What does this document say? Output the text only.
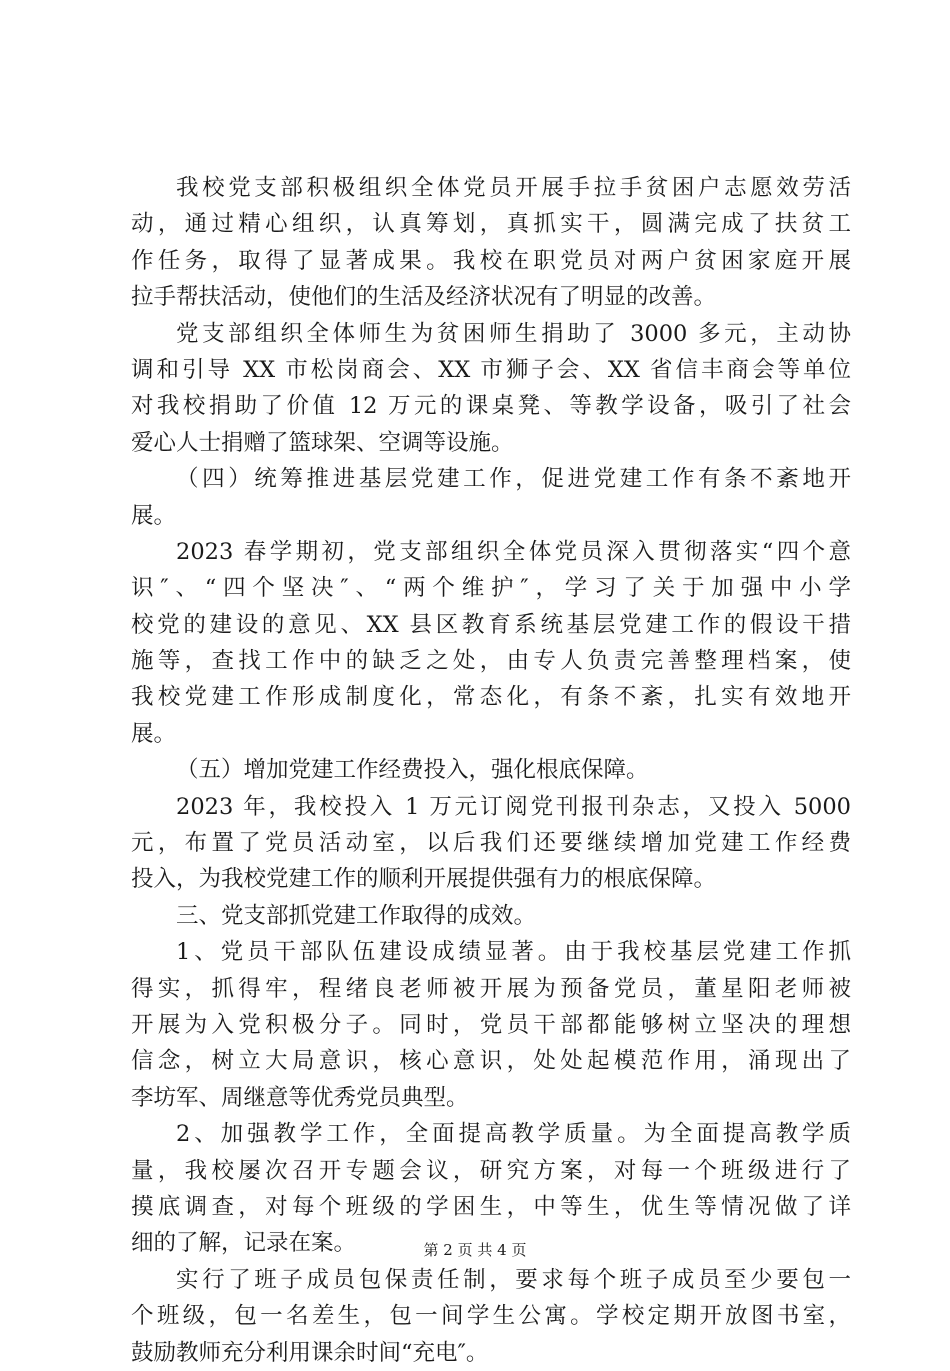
我校党支部积极组织全体党员开展手拉手贫困户志愿效劳活
动，通过精心组织，认真筹划，真抓实干，圆满完成了扶贫工
作任务，取得了显著成果。我校在职党员对两户贫困家庭开展
拉手帮扶活动，使他们的生活及经济状况有了明显的改善。
党支部组织全体师生为贫困师生捐助了 3000 多元，主动协
调和引导 XX 市松岗商会、XX 市狮子会、XX 省信丰商会等单位
对我校捐助了价值 12 万元的课桌凳、等教学设备，吸引了社会
爱心人士捐赠了篮球架、空调等设施。
（四）统筹推进基层党建工作，促进党建工作有条不紊地开
展。
2023 春学期初，党支部组织全体党员深入贯彻落实“四个意
识″、“四个坚决″、“两个维护″，学习了关于加强中小学
校党的建设的意见、XX 县区教育系统基层党建工作的假设干措
施等，查找工作中的缺乏之处，由专人负责完善整理档案，使
我校党建工作形成制度化，常态化，有条不紊，扎实有效地开
展。
（五）增加党建工作经费投入，强化根底保障。
2023 年，我校投入 1 万元订阅党刊报刊杂志，又投入 5000
元，布置了党员活动室，以后我们还要继续增加党建工作经费
投入，为我校党建工作的顺利开展提供强有力的根底保障。
三、党支部抓党建工作取得的成效。
1、党员干部队伍建设成绩显著。由于我校基层党建工作抓
得实，抓得牢，程绪良老师被开展为预备党员，董星阳老师被
开展为入党积极分子。同时，党员干部都能够树立坚决的理想
信念，树立大局意识，核心意识，处处起模范作用，涌现出了
李坊军、周继意等优秀党员典型。
2、加强教学工作，全面提高教学质量。为全面提高教学质
量，我校屡次召开专题会议，研究方案，对每一个班级进行了
摸底调查，对每个班级的学困生，中等生，优生等情况做了详
细的了解，记录在案。
实行了班子成员包保责任制，要求每个班子成员至少要包一
个班级，包一名差生，包一间学生公寓。学校定期开放图书室，
鼓励教师充分利用课余时间“充电″。
第 2 页 共 4 页
